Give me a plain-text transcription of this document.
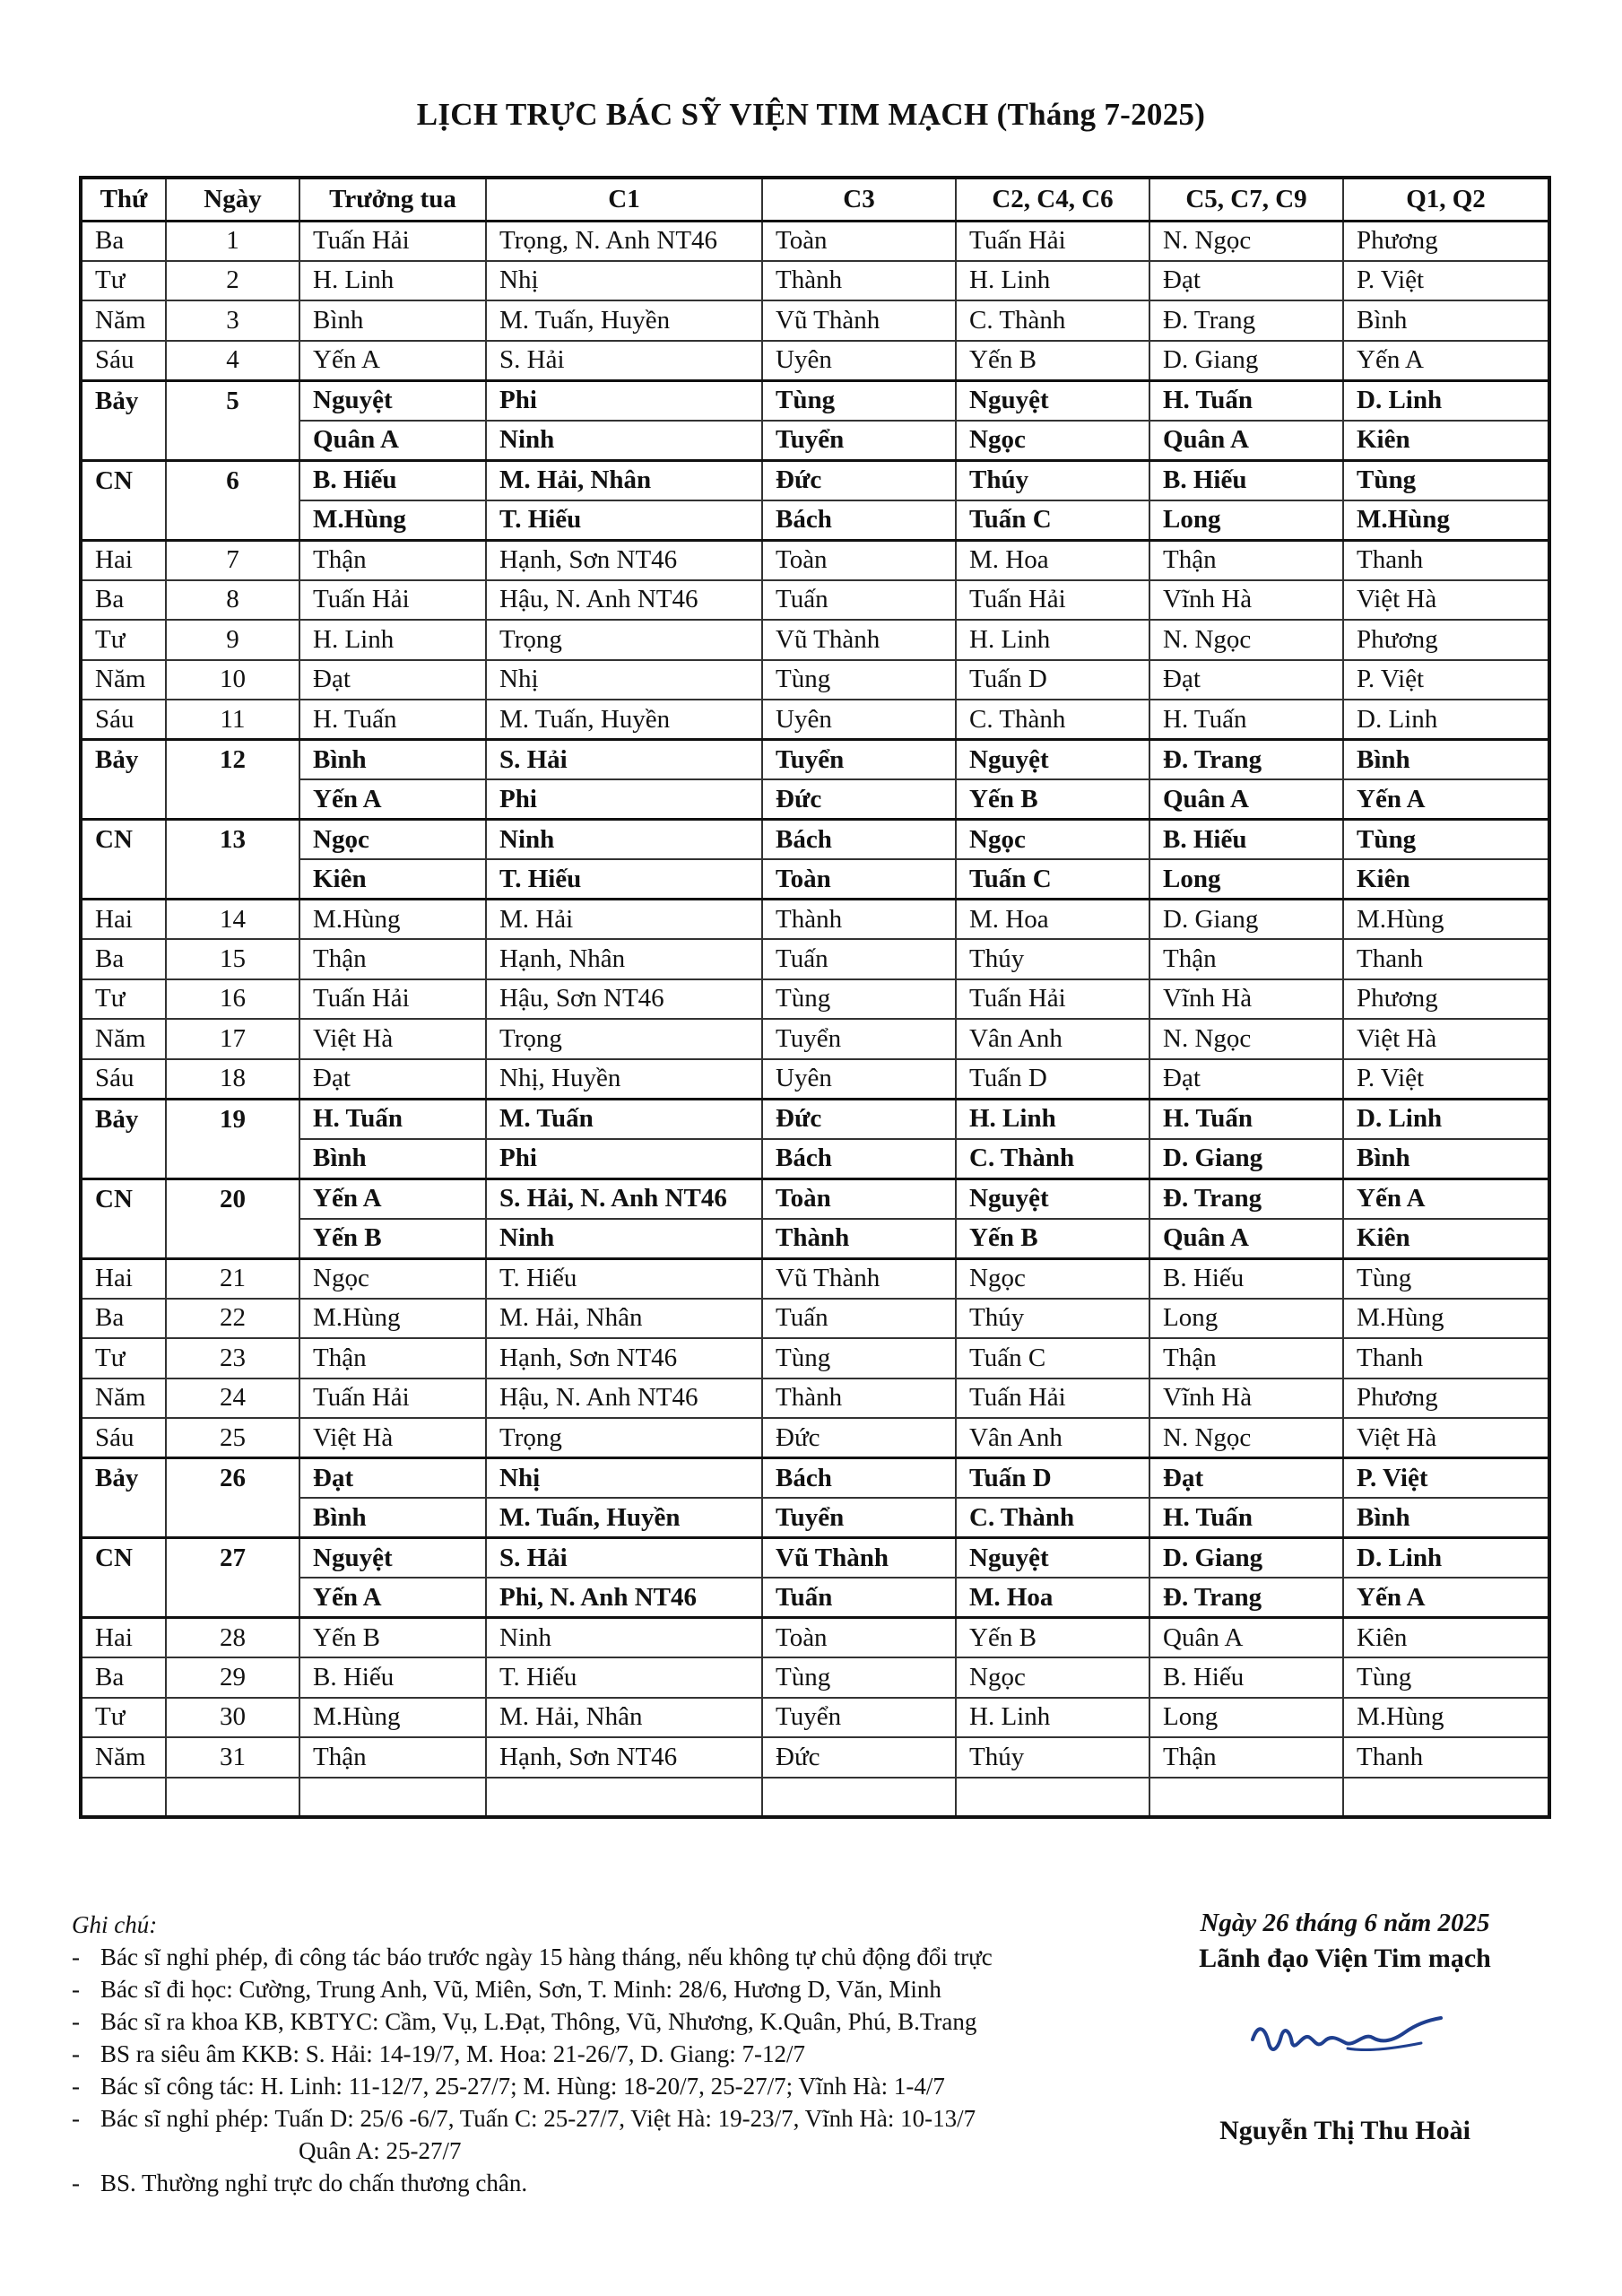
LỊCH TRỰC BÁC SỸ VIỆN TIM MẠCH (Tháng 7-2025)
Thứ	Ngày	Trưởng tua	C1	C3	C2, C4, C6	C5, C7, C9	Q1, Q2
Ba	1	Tuấn Hải	Trọng, N. Anh NT46	Toàn	Tuấn Hải	N. Ngọc	Phương
Tư	2	H. Linh	Nhị	Thành	H. Linh	Đạt	P. Việt
Năm	3	Bình	M. Tuấn, Huyền	Vũ Thành	C. Thành	Đ. Trang	Bình
Sáu	4	Yến A	S. Hải	Uyên	Yến B	D. Giang	Yến A
Bảy	5	Nguyệt	Phi	Tùng	Nguyệt	H. Tuấn	D. Linh
		Quân A	Ninh	Tuyển	Ngọc	Quân A	Kiên
CN	6	B. Hiếu	M. Hải, Nhân	Đức	Thúy	B. Hiếu	Tùng
		M.Hùng	T. Hiếu	Bách	Tuấn C	Long	M.Hùng
Hai	7	Thận	Hạnh, Sơn NT46	Toàn	M. Hoa	Thận	Thanh
Ba	8	Tuấn Hải	Hậu, N. Anh NT46	Tuấn	Tuấn Hải	Vĩnh Hà	Việt Hà
Tư	9	H. Linh	Trọng	Vũ Thành	H. Linh	N. Ngọc	Phương
Năm	10	Đạt	Nhị	Tùng	Tuấn D	Đạt	P. Việt
Sáu	11	H. Tuấn	M. Tuấn, Huyền	Uyên	C. Thành	H. Tuấn	D. Linh
Bảy	12	Bình	S. Hải	Tuyển	Nguyệt	Đ. Trang	Bình
		Yến A	Phi	Đức	Yến B	Quân A	Yến A
CN	13	Ngọc	Ninh	Bách	Ngọc	B. Hiếu	Tùng
		Kiên	T. Hiếu	Toàn	Tuấn C	Long	Kiên
Hai	14	M.Hùng	M. Hải	Thành	M. Hoa	D. Giang	M.Hùng
Ba	15	Thận	Hạnh, Nhân	Tuấn	Thúy	Thận	Thanh
Tư	16	Tuấn Hải	Hậu, Sơn NT46	Tùng	Tuấn Hải	Vĩnh Hà	Phương
Năm	17	Việt Hà	Trọng	Tuyển	Vân Anh	N. Ngọc	Việt Hà
Sáu	18	Đạt	Nhị, Huyền	Uyên	Tuấn D	Đạt	P. Việt
Bảy	19	H. Tuấn	M. Tuấn	Đức	H. Linh	H. Tuấn	D. Linh
		Bình	Phi	Bách	C. Thành	D. Giang	Bình
CN	20	Yến A	S. Hải, N. Anh NT46	Toàn	Nguyệt	Đ. Trang	Yến A
		Yến B	Ninh	Thành	Yến B	Quân A	Kiên
Hai	21	Ngọc	T. Hiếu	Vũ Thành	Ngọc	B. Hiếu	Tùng
Ba	22	M.Hùng	M. Hải, Nhân	Tuấn	Thúy	Long	M.Hùng
Tư	23	Thận	Hạnh, Sơn NT46	Tùng	Tuấn C	Thận	Thanh
Năm	24	Tuấn Hải	Hậu, N. Anh NT46	Thành	Tuấn Hải	Vĩnh Hà	Phương
Sáu	25	Việt Hà	Trọng	Đức	Vân Anh	N. Ngọc	Việt Hà
Bảy	26	Đạt	Nhị	Bách	Tuấn D	Đạt	P. Việt
		Bình	M. Tuấn, Huyền	Tuyển	C. Thành	H. Tuấn	Bình
CN	27	Nguyệt	S. Hải	Vũ Thành	Nguyệt	D. Giang	D. Linh
		Yến A	Phi, N. Anh NT46	Tuấn	M. Hoa	Đ. Trang	Yến A
Hai	28	Yến B	Ninh	Toàn	Yến B	Quân A	Kiên
Ba	29	B. Hiếu	T. Hiếu	Tùng	Ngọc	B. Hiếu	Tùng
Tư	30	M.Hùng	M. Hải, Nhân	Tuyển	H. Linh	Long	M.Hùng
Năm	31	Thận	Hạnh, Sơn NT46	Đức	Thúy	Thận	Thanh

Ghi chú:
- Bác sĩ nghỉ phép, đi công tác báo trước ngày 15 hàng tháng, nếu không tự chủ động đổi trực
- Bác sĩ đi học: Cường, Trung Anh, Vũ, Miên, Sơn, T. Minh: 28/6, Hương D, Văn, Minh
- Bác sĩ ra khoa KB, KBTYC: Cầm, Vụ, L.Đạt, Thông, Vũ, Nhương, K.Quân, Phú, B.Trang
- BS ra siêu âm KKB: S. Hải: 14-19/7, M. Hoa: 21-26/7, D. Giang: 7-12/7
- Bác sĩ công tác: H. Linh: 11-12/7, 25-27/7; M. Hùng: 18-20/7, 25-27/7; Vĩnh Hà: 1-4/7
- Bác sĩ nghỉ phép: Tuấn D: 25/6 -6/7, Tuấn C: 25-27/7, Việt Hà: 19-23/7, Vĩnh Hà: 10-13/7
Quân A: 25-27/7
- BS. Thường nghỉ trực do chấn thương chân.
Ngày 26 tháng 6 năm 2025
Lãnh đạo Viện Tim mạch
Nguyễn Thị Thu Hoài
